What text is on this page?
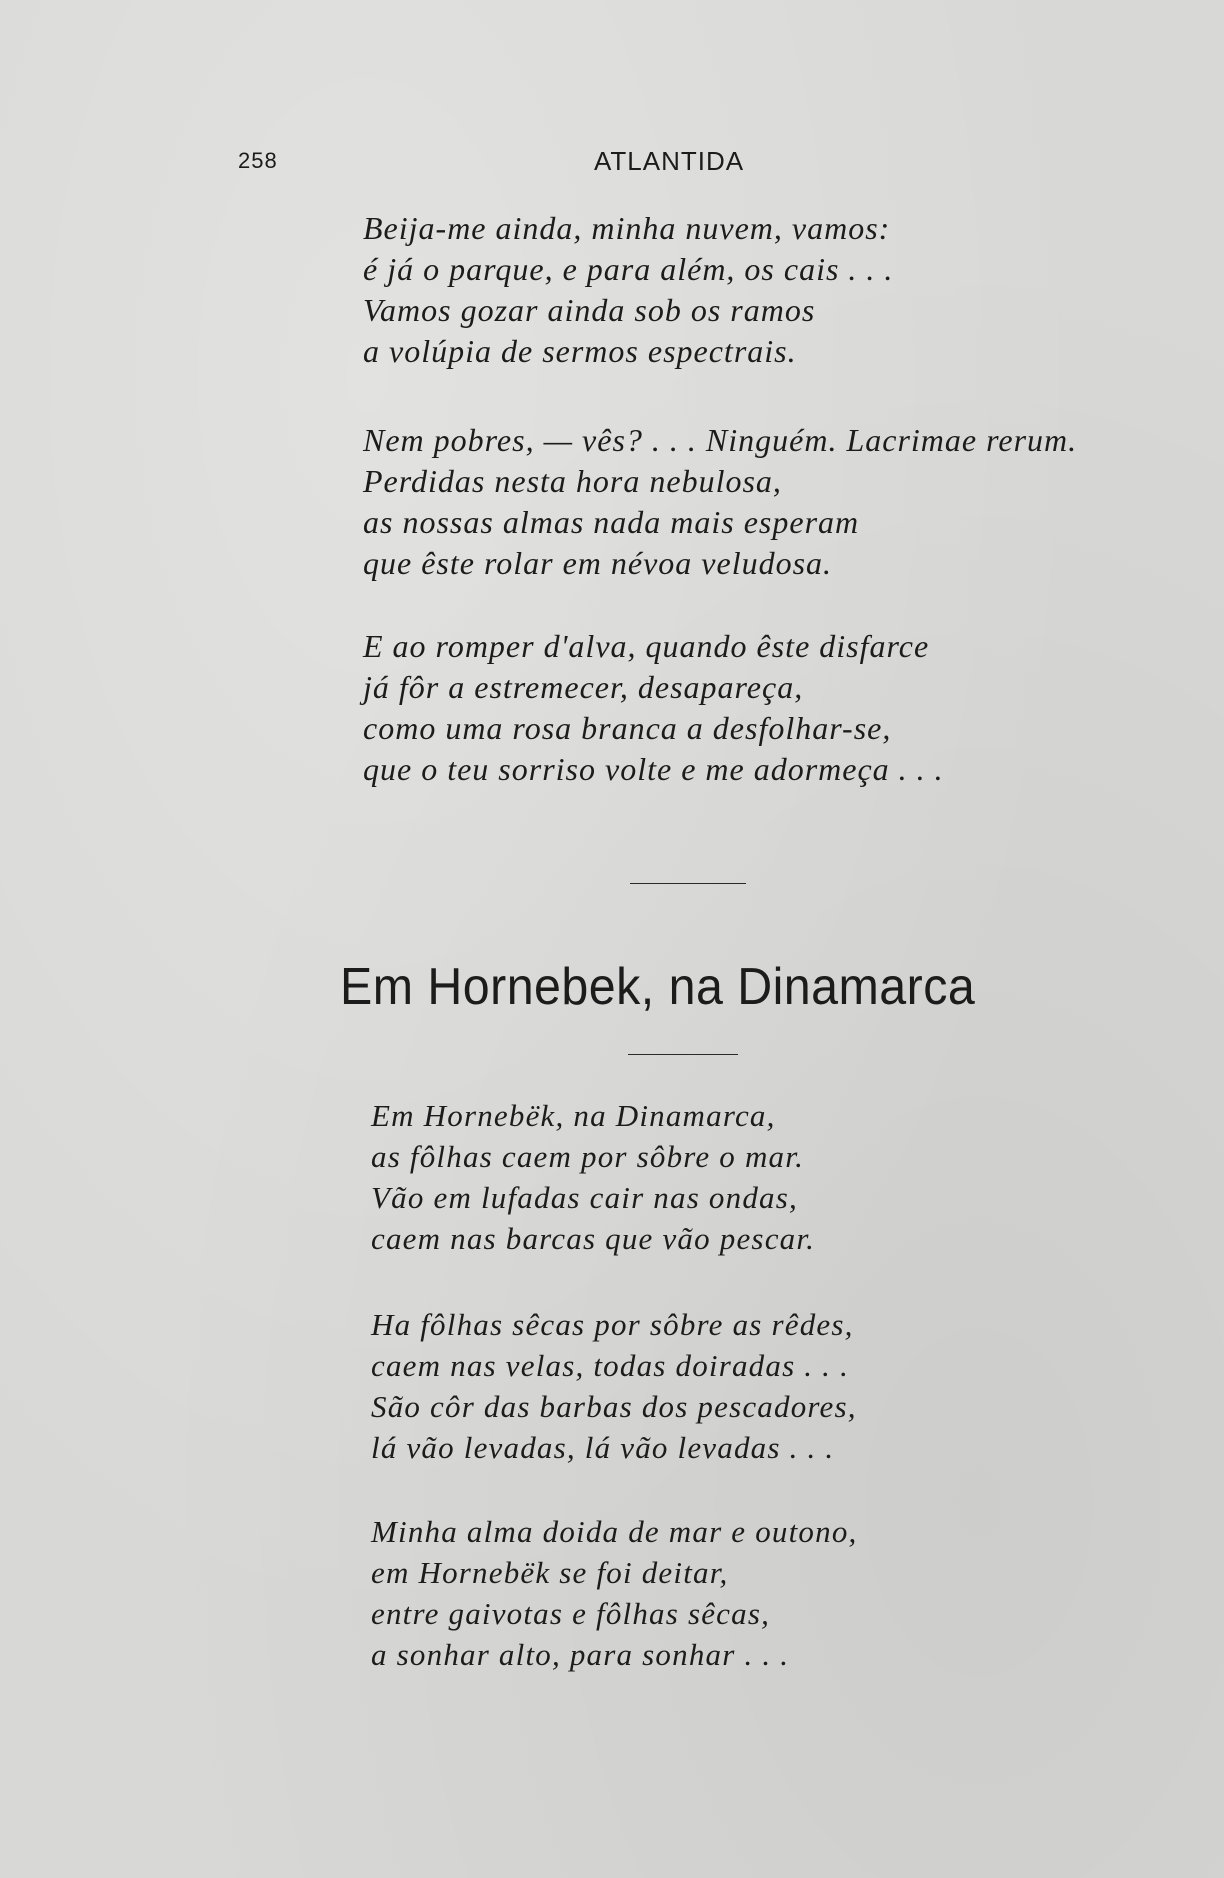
258	ATLANTIDA

Beija-me ainda, minha nuvem, vamos:
é já o parque, e para além, os cais . . .
Vamos gozar ainda sob os ramos
a volúpia de sermos espectrais.

Nem pobres, — vês? . . . Ninguém. Lacrimae rerum.
Perdidas nesta hora nebulosa,
as nossas almas nada mais esperam
que êste rolar em névoa veludosa.

E ao romper d'alva, quando êste disfarce
já fôr a estremecer, desapareça,
como uma rosa branca a desfolhar-se,
que o teu sorriso volte e me adormeça . . .

Em Hornebek, na Dinamarca

Em Hornebëk, na Dinamarca,
as fôlhas caem por sôbre o mar.
Vão em lufadas cair nas ondas,
caem nas barcas que vão pescar.

Ha fôlhas sêcas por sôbre as rêdes,
caem nas velas, todas doiradas . . .
São côr das barbas dos pescadores,
lá vão levadas, lá vão levadas . . .

Minha alma doida de mar e outono,
em Hornebëk se foi deitar,
entre gaivotas e fôlhas sêcas,
a sonhar alto, para sonhar . . .
